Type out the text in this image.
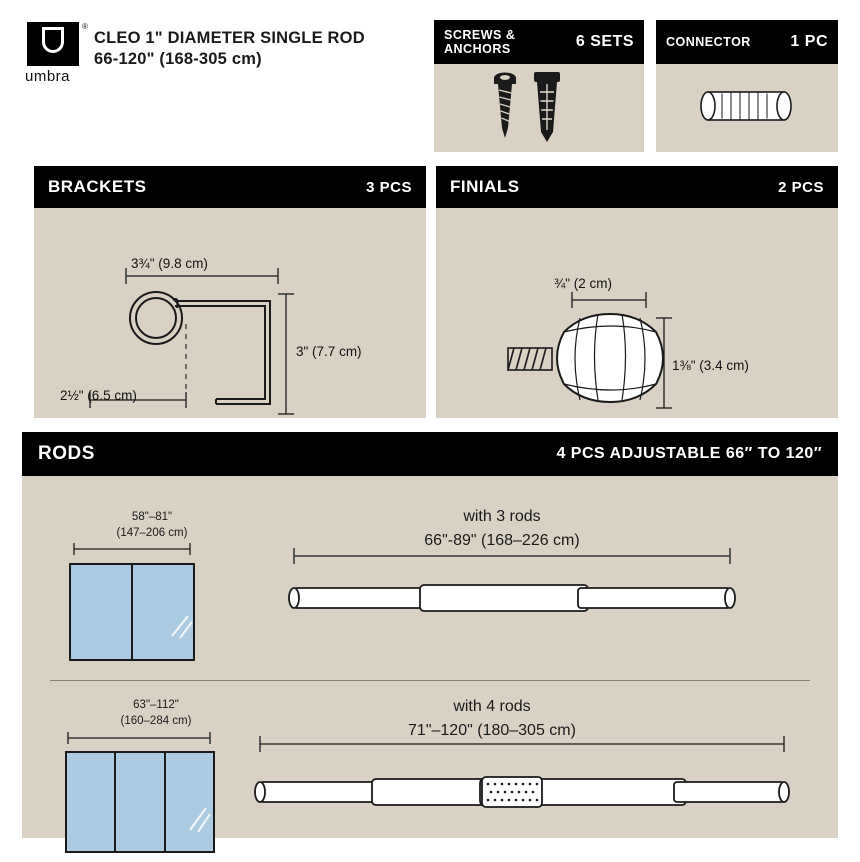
®
umbra
CLEO 1" DIAMETER SINGLE ROD
66-120" (168-305 cm)
SCREWS &
ANCHORS	6 SETS	CONNECTOR 1 PC
BRACKETS	3 PCS
3¾" (9.8 cm)
3" (7.7 cm)
2½" (6.5 cm)
FINIALS	2 PCS
¾" (2 cm)
1⅜" (3.4 cm)
RODS	4 PCS ADJUSTABLE 66″ TO 120″
58"–81"
(147–206 cm)
with 3 rods
66"-89" (168–226 cm)
63"–112"
(160–284 cm)
with 4 rods
71"–120" (180–305 cm)
